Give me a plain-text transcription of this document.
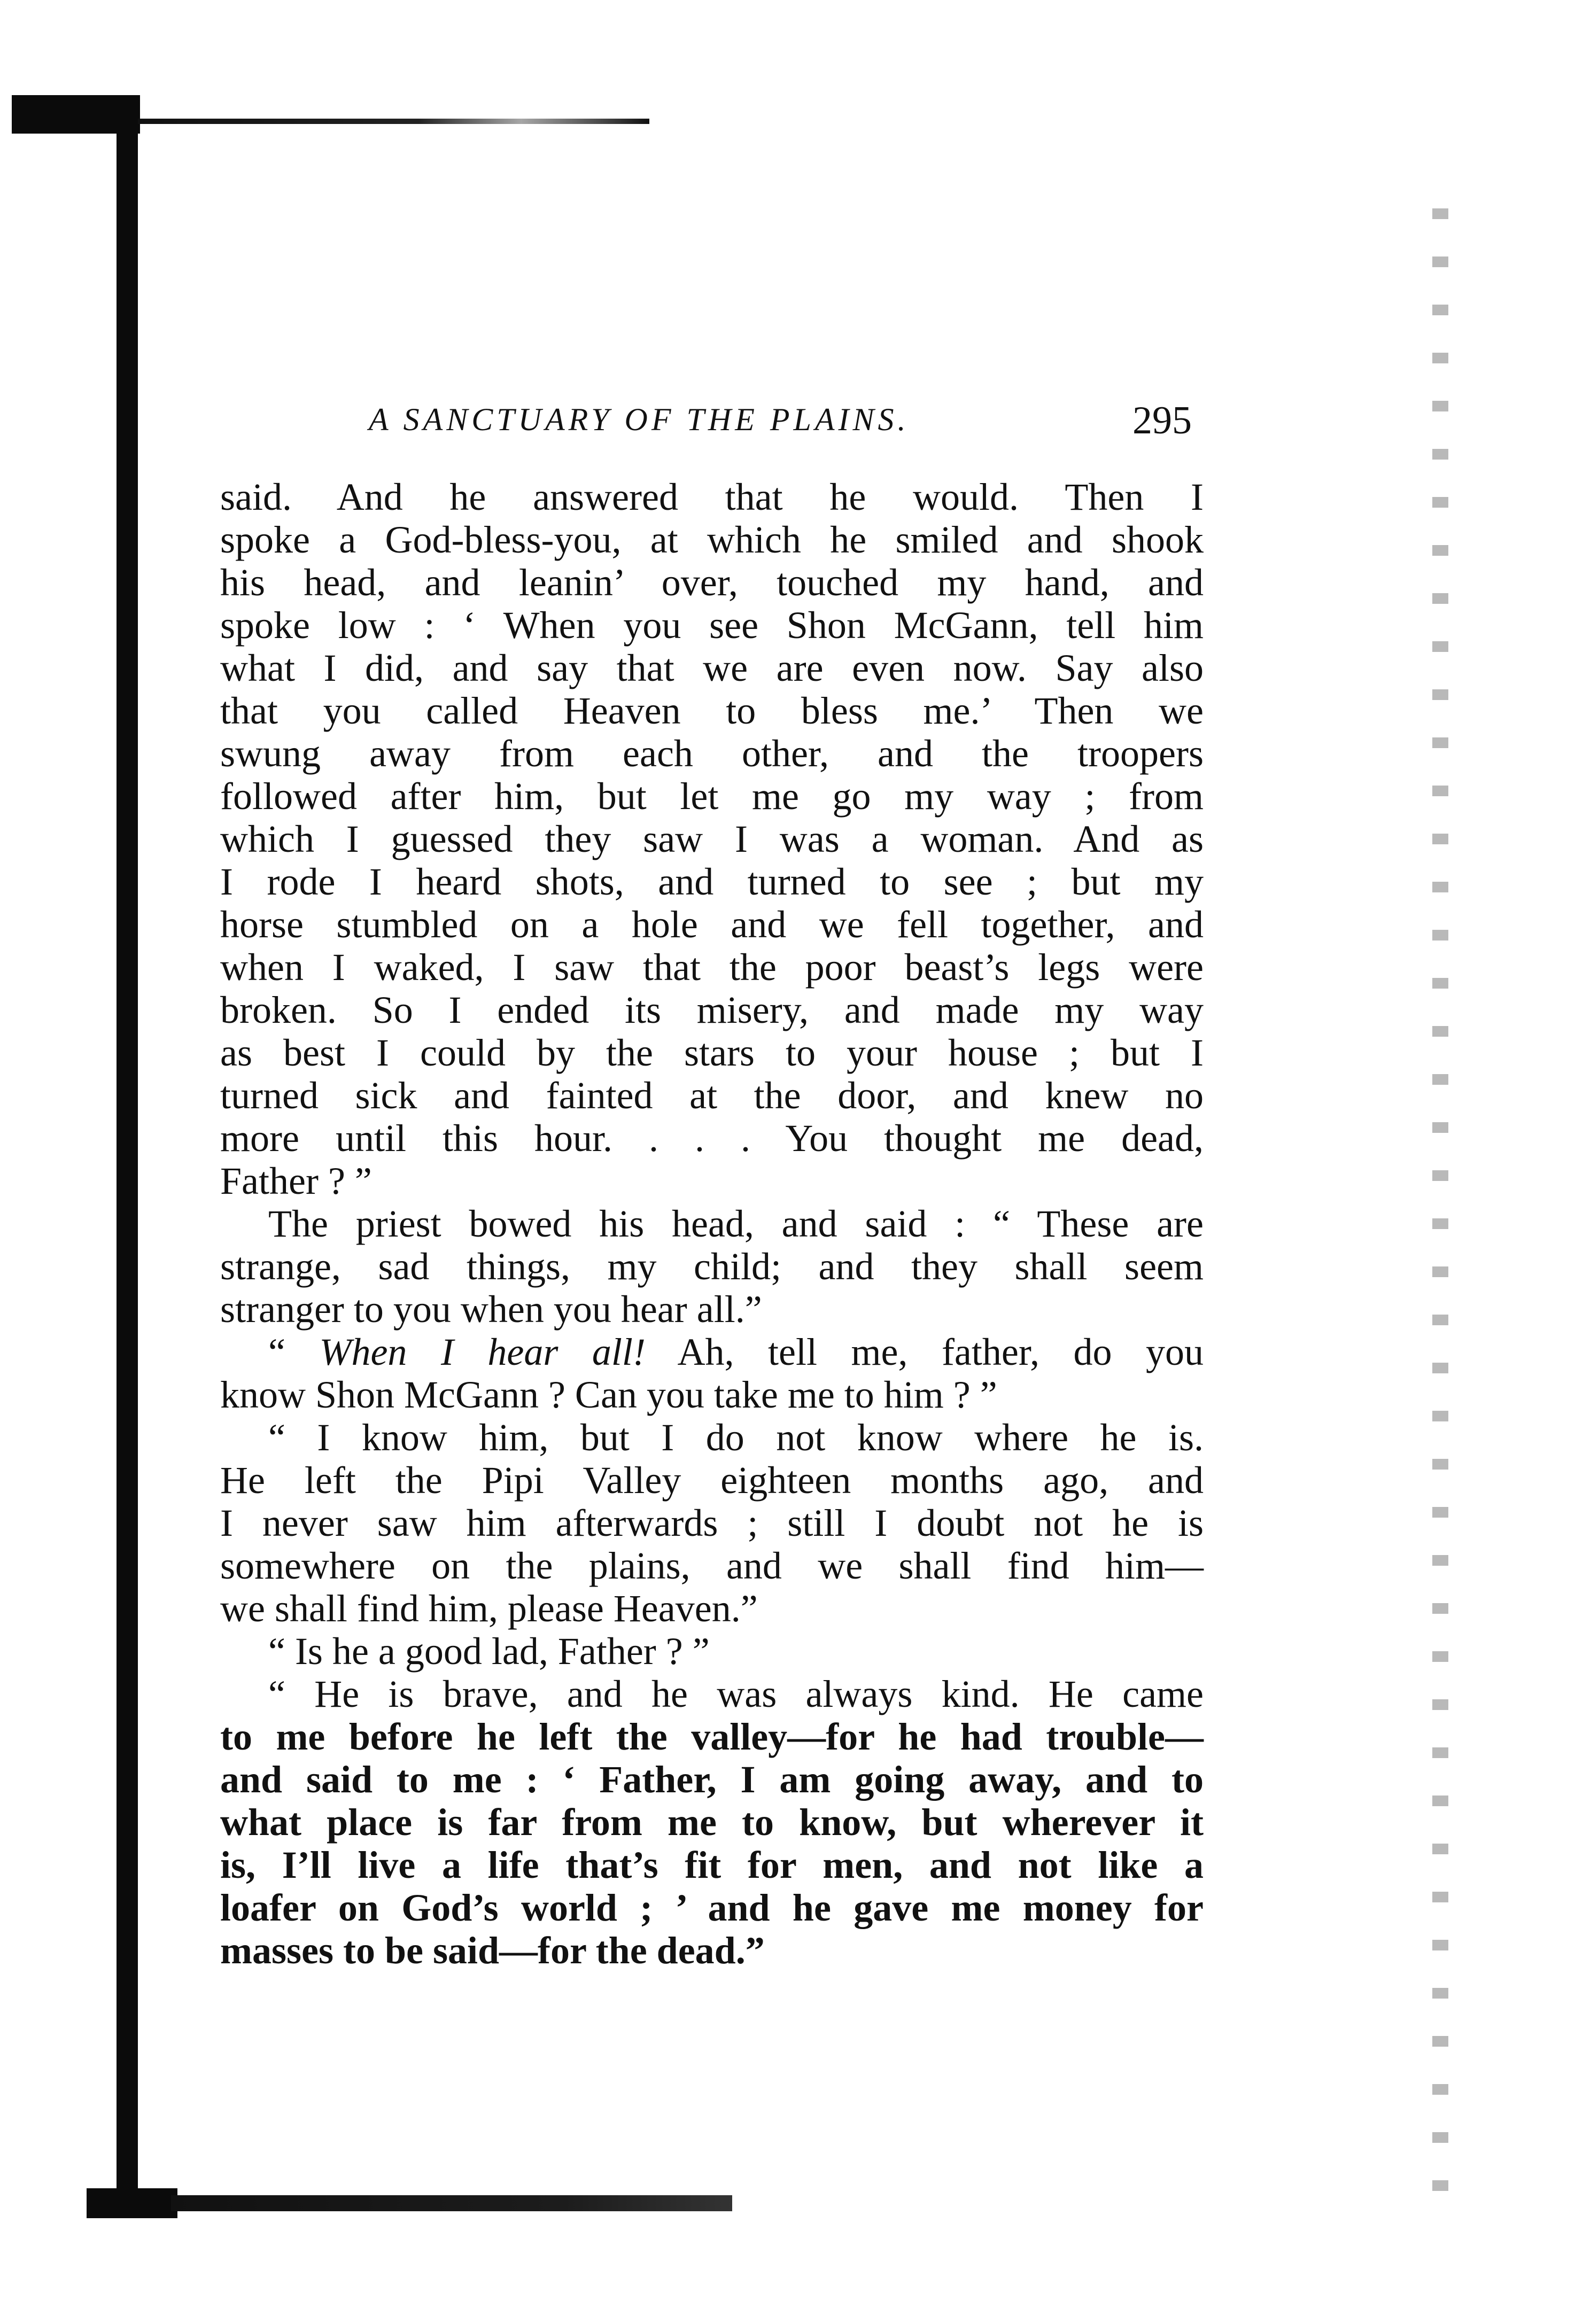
A SANCTUARY OF THE PLAINS.	295
said. And he answered that he would. Then I
spoke a God-bless-you, at which he smiled and shook
his head, and leanin’ over, touched my hand, and
spoke low : ‘ When you see Shon McGann, tell him
what I did, and say that we are even now. Say also
that you called Heaven to bless me.’ Then we
swung away from each other, and the troopers
followed after him, but let me go my way ; from
which I guessed they saw I was a woman. And as
I rode I heard shots, and turned to see ; but my
horse stumbled on a hole and we fell together, and
when I waked, I saw that the poor beast’s legs were
broken. So I ended its misery, and made my way
as best I could by the stars to your house ; but I
turned sick and fainted at the door, and knew no
more until this hour. . . . You thought me dead,
Father ? ”
The priest bowed his head, and said : “ These are
strange, sad things, my child; and they shall seem
stranger to you when you hear all.”
“ When I hear all! Ah, tell me, father, do you
know Shon McGann ? Can you take me to him ? ”
“ I know him, but I do not know where he is.
He left the Pipi Valley eighteen months ago, and
I never saw him afterwards ; still I doubt not he is
somewhere on the plains, and we shall find him—
we shall find him, please Heaven.”
“ Is he a good lad, Father ? ”
“ He is brave, and he was always kind. He came
to me before he left the valley—for he had trouble—
and said to me : ‘ Father, I am going away, and to
what place is far from me to know, but wherever it
is, I’ll live a life that’s fit for men, and not like a
loafer on God’s world ; ’ and he gave me money for
masses to be said—for the dead.”
